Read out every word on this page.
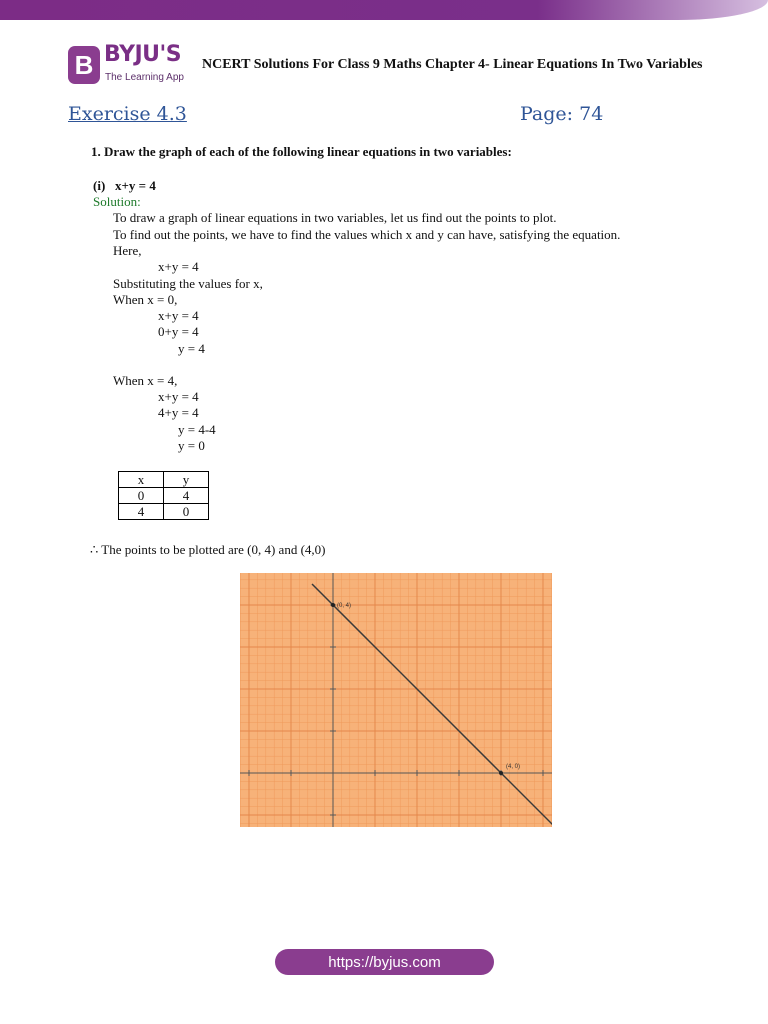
B BYJU'S
The Learning App
NCERT Solutions For Class 9 Maths Chapter 4- Linear Equations In Two Variables
Exercise 4.3	Page: 74
1. Draw the graph of each of the following linear equations in two variables:
(i)   x+y = 4
Solution:
To draw a graph of linear equations in two variables, let us find out the points to plot.
To find out the points, we have to find the values which x and y can have, satisfying the equation.
Here,
x+y = 4
Substituting the values for x,
When x = 0,
x+y = 4
0+y = 4
y = 4
When x = 4,
x+y = 4
4+y = 4
y = 4-4
y = 0
x	y
0	4
4	0
∴ The points to be plotted are (0, 4) and (4,0)
(0, 4)
(4, 0)
https://byjus.com
